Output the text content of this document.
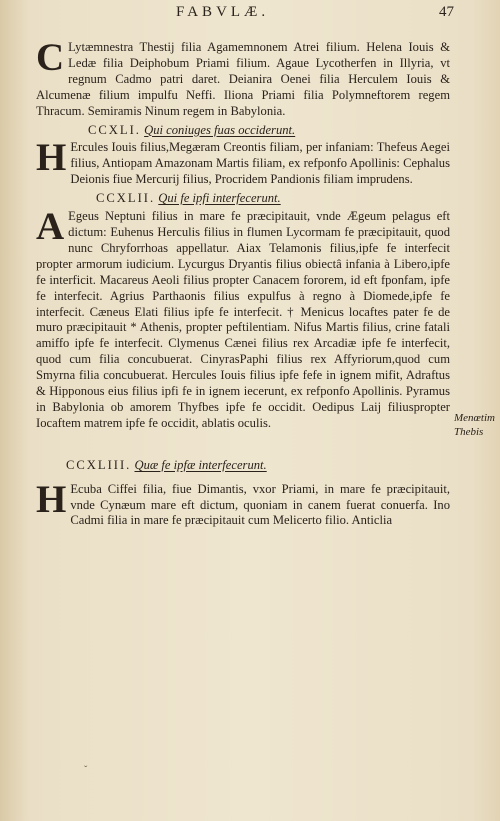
FABVLÆ.	47

C Lytæmnestra Thestij filia Agamemnonem Atrei filium. Helena Iouis & Ledæ filia Deiphobum Priami filium. Agaue Lycotherfen in Illyria, vt regnum Cadmo patri daret. Deianira Oenei filia Herculem Iouis & Alcumenæ filium impulfu Neffi. Iliona Priami filia Polymneftorem regem Thracum. Semiramis Ninum regem in Babylonia.

CCXLI. Qui coniuges fuas occiderunt.

H Ercules Iouis filius,Megæram Creontis filiam, per infaniam: Thefeus Aegei filius, Antiopam Amazonam Martis filiam, ex refponfo Apollinis: Cephalus Deionis fiue Mercurij filius, Procridem Pandionis filiam imprudens.

CCXLII. Qui fe ipfi interfecerunt.

A Egeus Neptuni filius in mare fe præcipitauit, vnde Ægeum pelagus eft dictum: Euhenus Herculis filius in flumen Lycormam fe præcipitauit, quod nunc Chryforrhoas appellatur. Aiax Telamonis filius,ipfe fe interfecit propter armorum iudicium. Lycurgus Dryantis filius obiectâ infania à Libero,ipfe fe interficit. Macareus Aeoli filius propter Canacem fororem, id eft fponfam, ipfe fe interfecit. Agrius Parthaonis filius expulfus à regno à Diomede,ipfe fe interfecit. Cæneus Elati filius ipfe fe interfecit. † Menicus locaftes pater fe de muro præcipitauit * Athenis, propter peftilentiam. Nifus Martis filius, crine fatali amiffo ipfe fe interfecit. Clymenus Cænei filius rex Arcadiæ ipfe fe interfecit, quod cum filia concubuerat. CinyrasPaphi filius rex Affyriorum,quod cum Smyrna filia concubuerat. Hercules Iouis filius ipfe fefe in ignem mifit, Adraftus & Hipponous eius filius ipfi fe in ignem iecerunt, ex refponfo Apollinis. Pyramus in Babylonia ob amorem Thyfbes ipfe fe occidit. Oedipus Laij filiuspropter Iocaftem matrem ipfe fe occidit, ablatis oculis.

CCXLIII. Quæ fe ipfæ interfecerunt.

H Ecuba Ciffei filia, fiue Dimantis, vxor Priami, in mare fe præcipitauit, vnde Cynæum mare eft dictum, quoniam in canem fuerat conuerfa. Ino Cadmi filia in mare fe præcipitauit cum Melicerto filio. Anticlia

Menœtim
Thebis
ˇ
